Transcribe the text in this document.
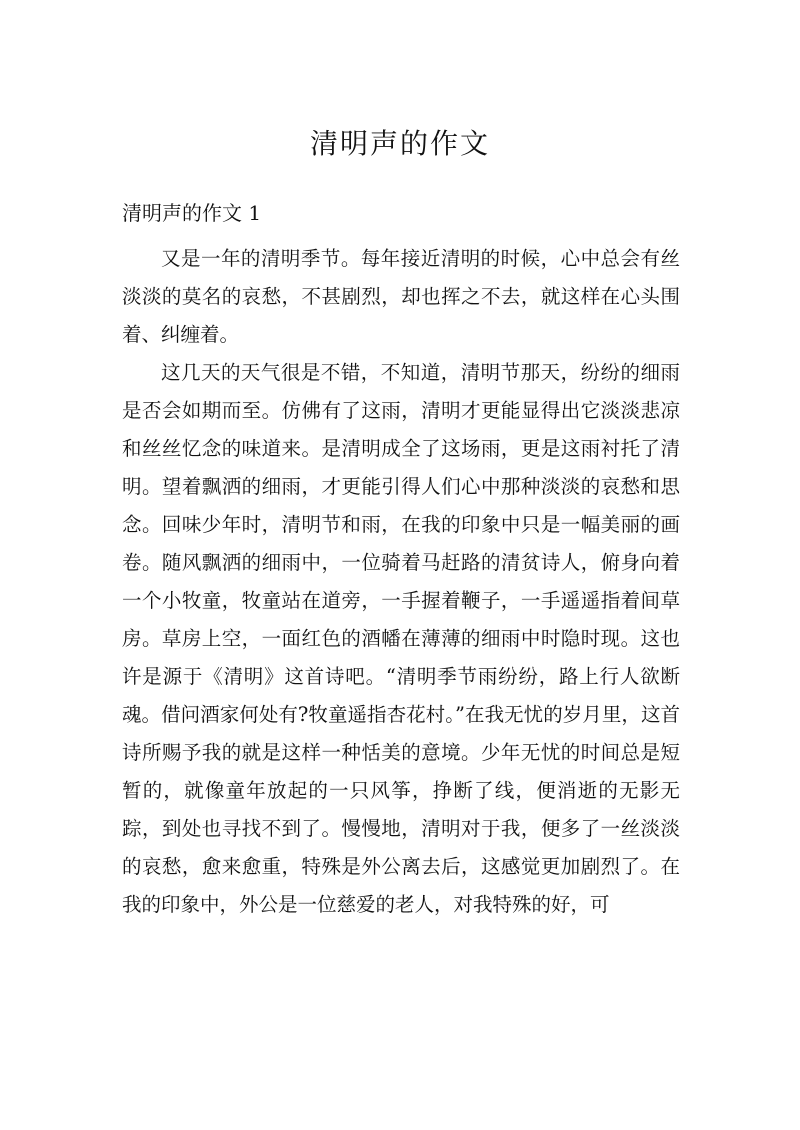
清明声的作文

清明声的作文 1

又是一年的清明季节。每年接近清明的时候，心中总会有丝淡淡的莫名的哀愁，不甚剧烈，却也挥之不去，就这样在心头围着、纠缠着。

这几天的天气很是不错，不知道，清明节那天，纷纷的细雨是否会如期而至。仿佛有了这雨，清明才更能显得出它淡淡悲凉和丝丝忆念的味道来。是清明成全了这场雨，更是这雨衬托了清明。望着飘洒的细雨，才更能引得人们心中那种淡淡的哀愁和思念。回味少年时，清明节和雨，在我的印象中只是一幅美丽的画卷。随风飘洒的细雨中，一位骑着马赶路的清贫诗人，俯身向着一个小牧童，牧童站在道旁，一手握着鞭子，一手遥遥指着间草房。草房上空，一面红色的酒幡在薄薄的细雨中时隐时现。这也许是源于《清明》这首诗吧。“清明季节雨纷纷，路上行人欲断魂。借问酒家何处有?牧童遥指杏花村。”在我无忧的岁月里，这首诗所赐予我的就是这样一种恬美的意境。少年无忧的时间总是短暂的，就像童年放起的一只风筝，挣断了线，便消逝的无影无踪，到处也寻找不到了。慢慢地，清明对于我，便多了一丝淡淡的哀愁，愈来愈重，特殊是外公离去后，这感觉更加剧烈了。在我的印象中，外公是一位慈爱的老人，对我特殊的好，可
